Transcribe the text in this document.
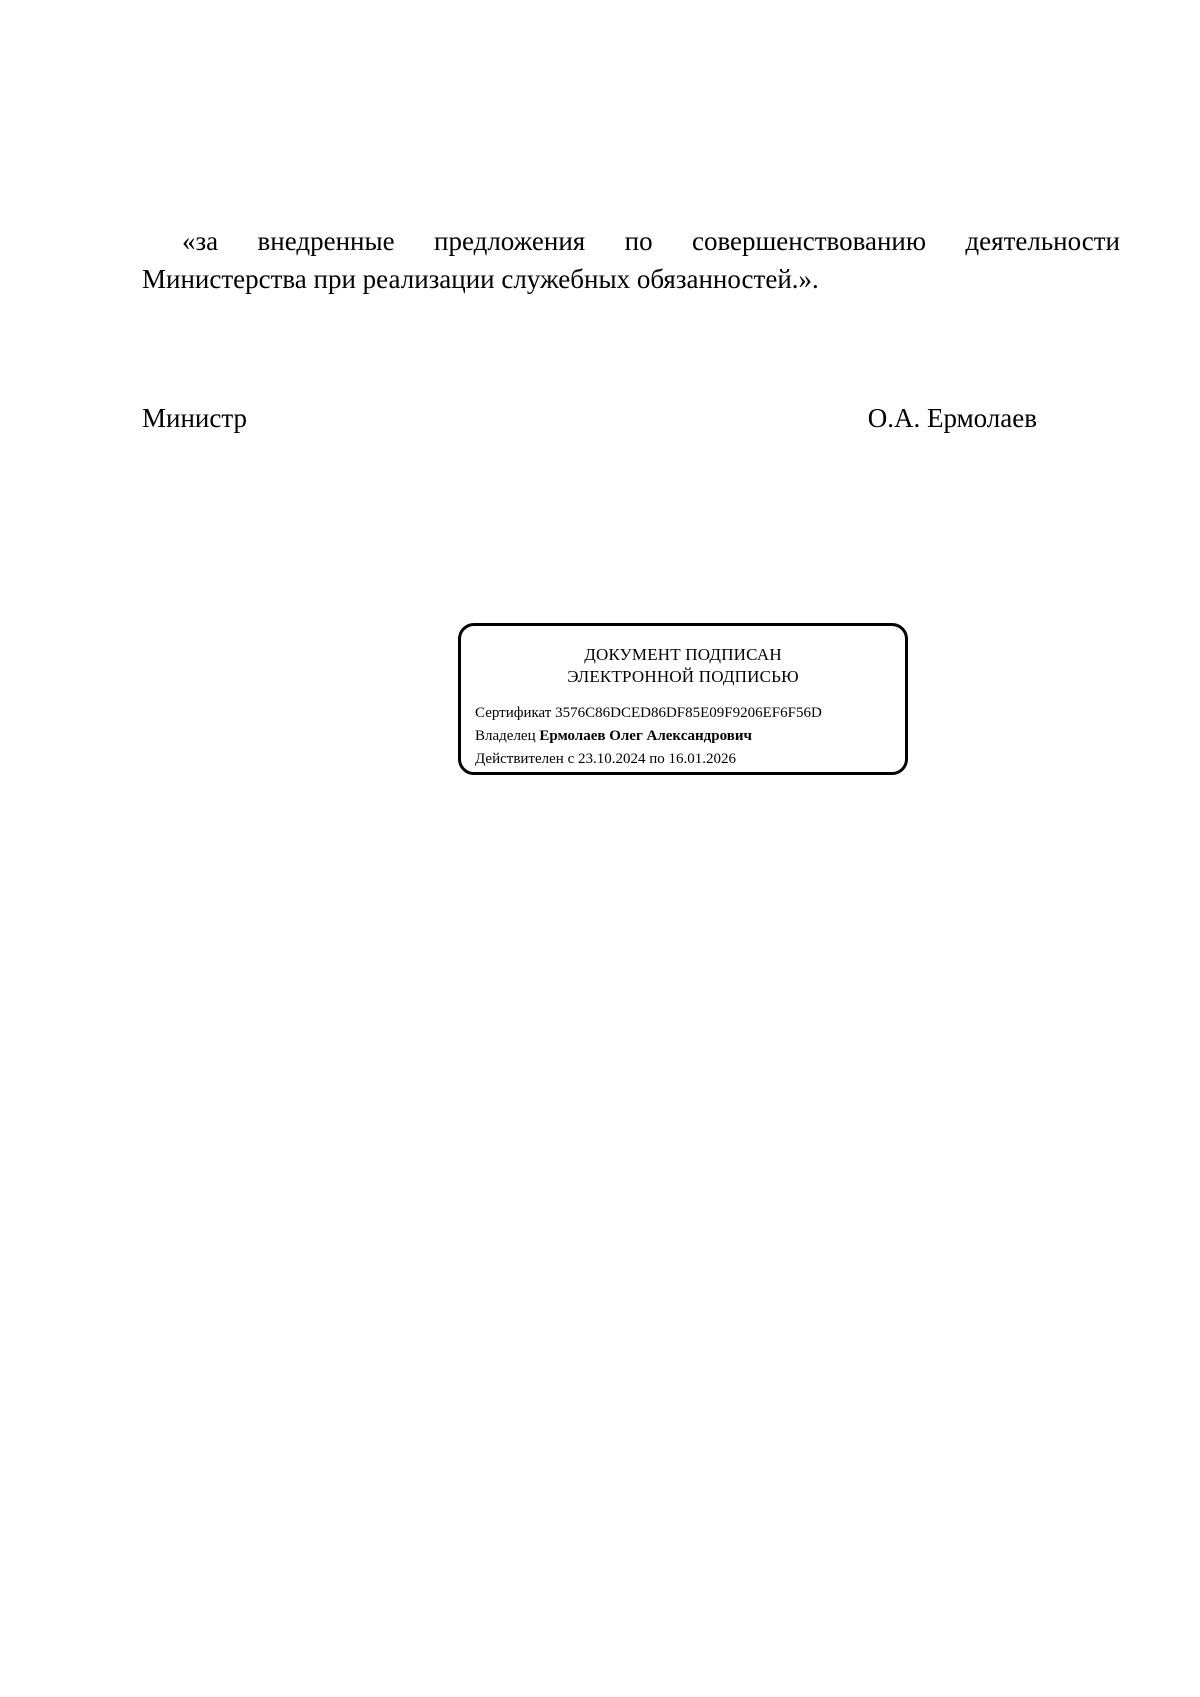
«за внедренные предложения по совершенствованию деятельности Министерства при реализации служебных обязанностей.».

Министр	О.А. Ермолаев
ДОКУМЕНТ ПОДПИСАН
ЭЛЕКТРОННОЙ ПОДПИСЬЮ
Сертификат 3576C86DCED86DF85E09F9206EF6F56D
Владелец Ермолаев Олег Александрович
Действителен с 23.10.2024 по 16.01.2026
